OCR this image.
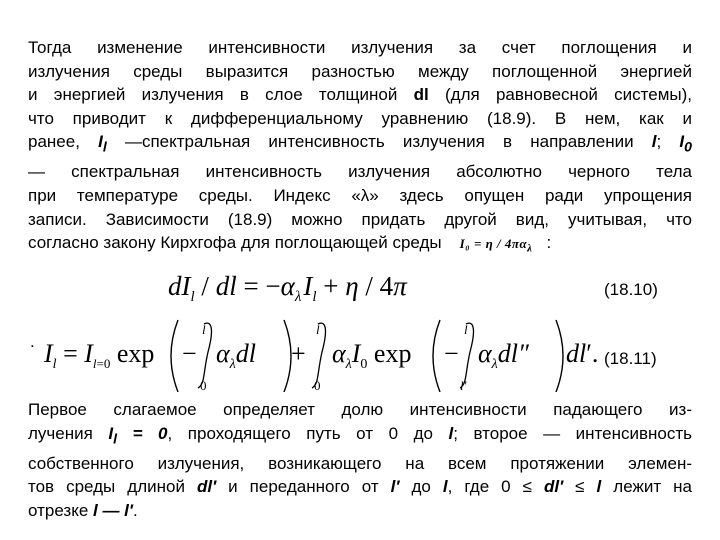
Тогда изменение интенсивности излучения за счет поглощения и
излучения среды выразится разностью между поглощенной энергией
и энергией излучения в слое толщиной dl (для равновесной системы),
что приводит к дифференциальному уравнению (18.9). В нем, как и
ранее, $I_l$ —спектральная интенсивность излучения в направлении l; $I_0$
— спектральная интенсивность излучения абсолютно черного тела
при температуре среды. Индекс «λ» здесь опущен ради упрощения
записи. Зависимости (18.9) можно придать другой вид, учитывая, что
согласно закону Кирхгофа для поглощающей среды $I_0 = \eta / 4\pi\alpha_\lambda$ :
$dI_l$ / dl = $-\alpha_\lambda I_l + \eta / 4\pi$	(18.10)
. $I_l = I_l=0$ exp −
l
0
$\alpha_\lambda dl$ +
l
0
$\alpha_\lambda I_0$ exp −
l
l′
$\alpha_\lambda dl''$ dl′. (18.11)
Первое слагаемое определяет долю интенсивности падающего из-
лучения $I_l = 0$, проходящего путь от 0 до l; второе — интенсивность
собственного излучения, возникающего на всем протяжении элемен-
тов среды длиной dl′ и переданного от l′ до l, где 0 ≤ dl′ ≤ l лежит на
отрезке l — l′.
